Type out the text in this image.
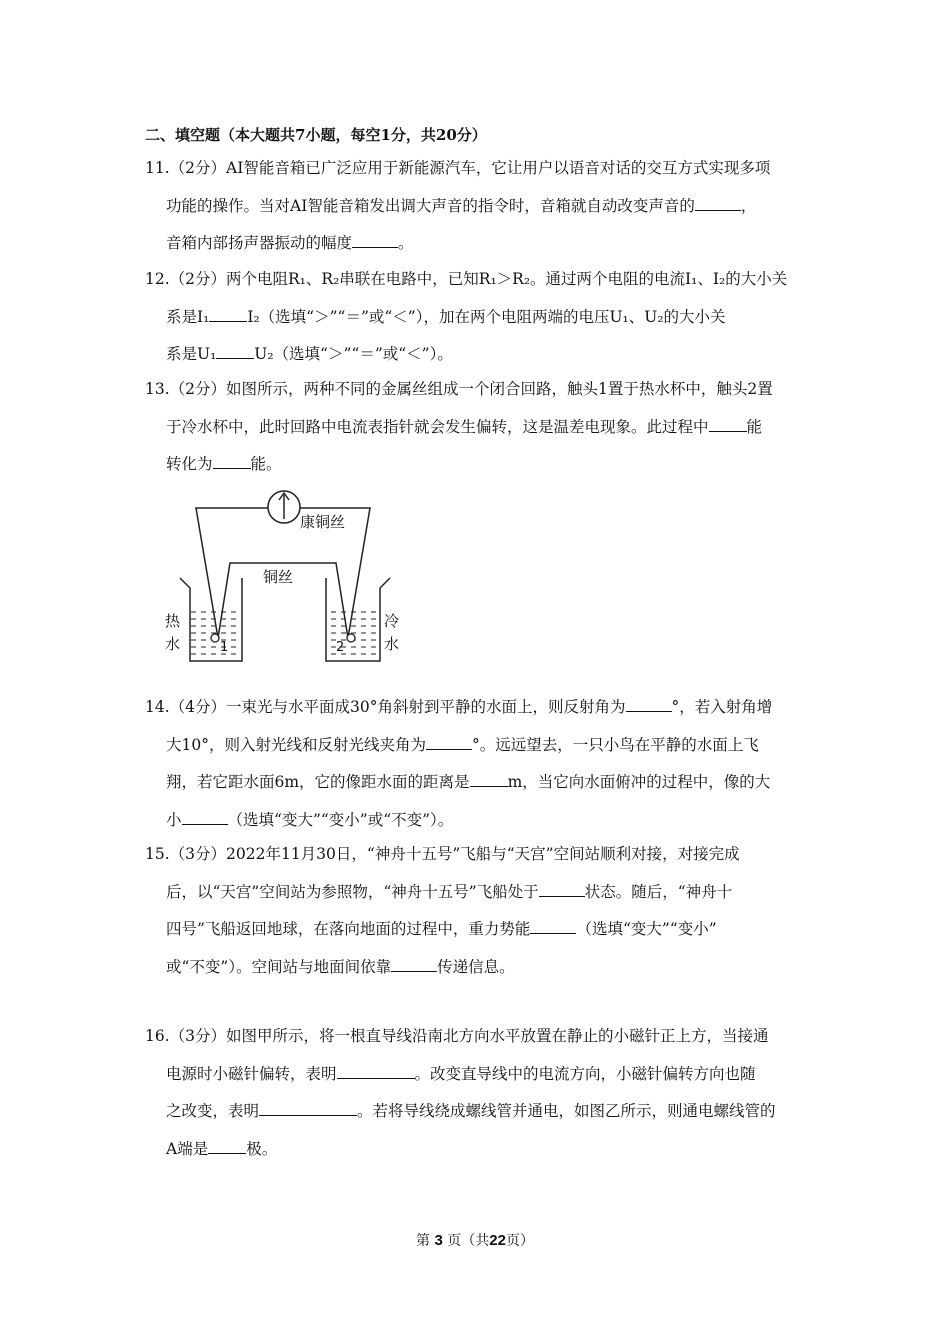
二、填空题（本大题共7小题，每空1分，共20分）
11.（2分）AI智能音箱已广泛应用于新能源汽车，它让用户以语音对话的交互方式实现多项
功能的操作。当对AI智能音箱发出调大声音的指令时，音箱就自动改变声音的	，
音箱内部扬声器振动的幅度	。
12.（2分）两个电阻R₁、R₂串联在电路中，已知R₁＞R₂。通过两个电阻的电流I₁、I₂的大小关
系是I₁ I₂（选填“＞”“＝”或“＜”），加在两个电阻两端的电压U₁、U₂的大小关
系是U₁ U₂（选填“＞”“＝”或“＜”）。
13.（2分）如图所示，两种不同的金属丝组成一个闭合回路，触头1置于热水杯中，触头2置
于冷水杯中，此时回路中电流表指针就会发生偏转，这是温差电现象。此过程中 能
转化为 能。
康铜丝
铜丝
热
水
冷
水
1	2
14.（4分）一束光与水平面成30°角斜射到平静的水面上，则反射角为	°，若入射角增
大10°，则入射光线和反射光线夹角为	°。远远望去，一只小鸟在平静的水面上飞
翔，若它距水面6m，它的像距水面的距离是 m，当它向水面俯冲的过程中，像的大
小	（选填“变大”“变小”或“不变”）。
15.（3分）2022年11月30日，“神舟十五号”飞船与“天宫”空间站顺利对接，对接完成
后，以“天宫”空间站为参照物，“神舟十五号”飞船处于	状态。随后，“神舟十
四号”飞船返回地球，在落向地面的过程中，重力势能	（选填“变大”“变小”
或“不变”）。空间站与地面间依靠	传递信息。
16.（3分）如图甲所示，将一根直导线沿南北方向水平放置在静止的小磁针正上方，当接通
电源时小磁针偏转，表明	。改变直导线中的电流方向，小磁针偏转方向也随
之改变，表明	。若将导线绕成螺线管并通电，如图乙所示，则通电螺线管的
A端是 极。
第 3 页（共22页）
